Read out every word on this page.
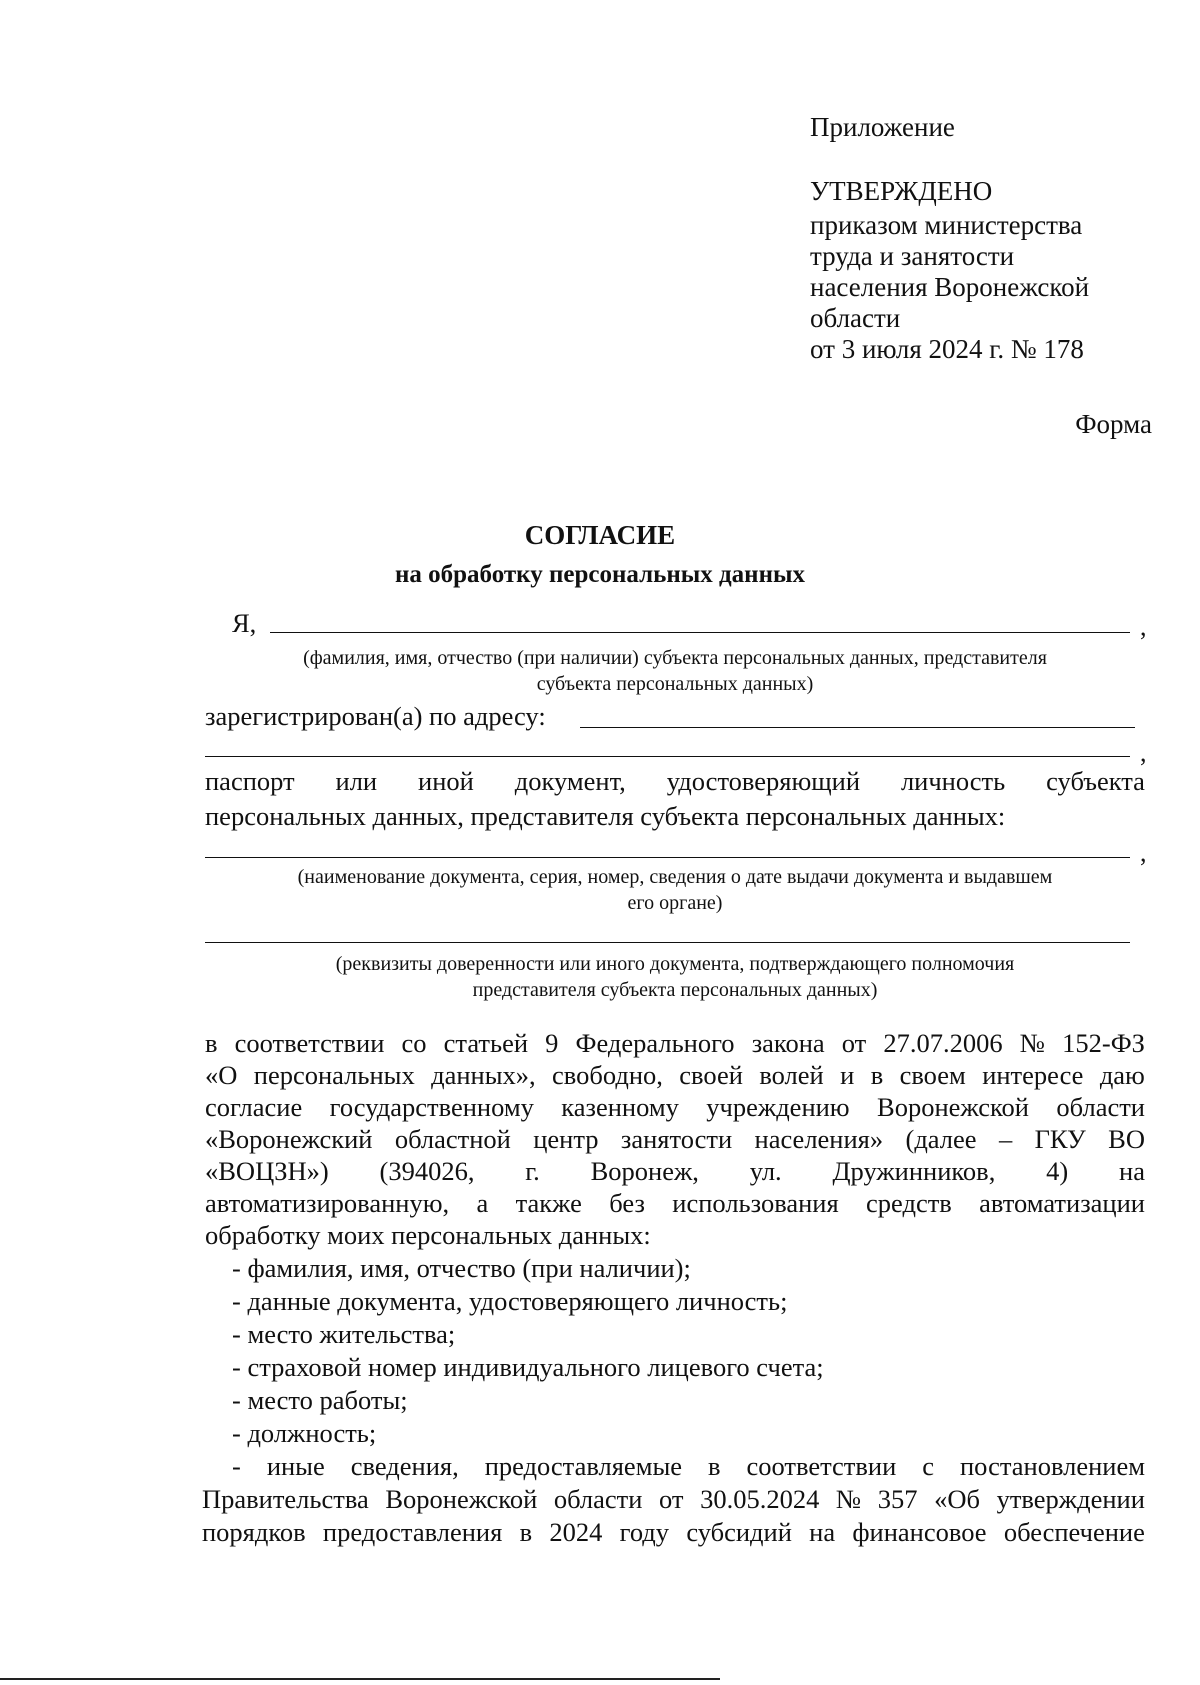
Приложение
УТВЕРЖДЕНО
приказом министерства
труда и занятости
населения Воронежской
области
от 3 июля 2024 г. № 178
Форма
СОГЛАСИЕ
на обработку персональных данных
Я,	,
(фамилия, имя, отчество (при наличии) субъекта персональных данных, представителя
субъекта персональных данных)
зарегистрирован(а) по адресу:
,
паспорт или иной документ, удостоверяющий личность субъекта
персональных данных, представителя субъекта персональных данных:
,
(наименование документа, серия, номер, сведения о дате выдачи документа и выдавшем
его органе)
(реквизиты доверенности или иного документа, подтверждающего полномочия
представителя субъекта персональных данных)
в соответствии со статьей 9 Федерального закона от 27.07.2006 № 152-ФЗ
«О персональных данных», свободно, своей волей и в своем интересе даю
согласие государственному казенному учреждению Воронежской области
«Воронежский областной центр занятости населения» (далее – ГКУ ВО
«ВОЦЗН») (394026, г. Воронеж, ул. Дружинников, 4) на
автоматизированную, а также без использования средств автоматизации
обработку моих персональных данных:
- фамилия, имя, отчество (при наличии);
- данные документа, удостоверяющего личность;
- место жительства;
- страховой номер индивидуального лицевого счета;
- место работы;
- должность;
- иные сведения, предоставляемые в соответствии с постановлением
Правительства Воронежской области от 30.05.2024 № 357 «Об утверждении
порядков предоставления в 2024 году субсидий на финансовое обеспечение
